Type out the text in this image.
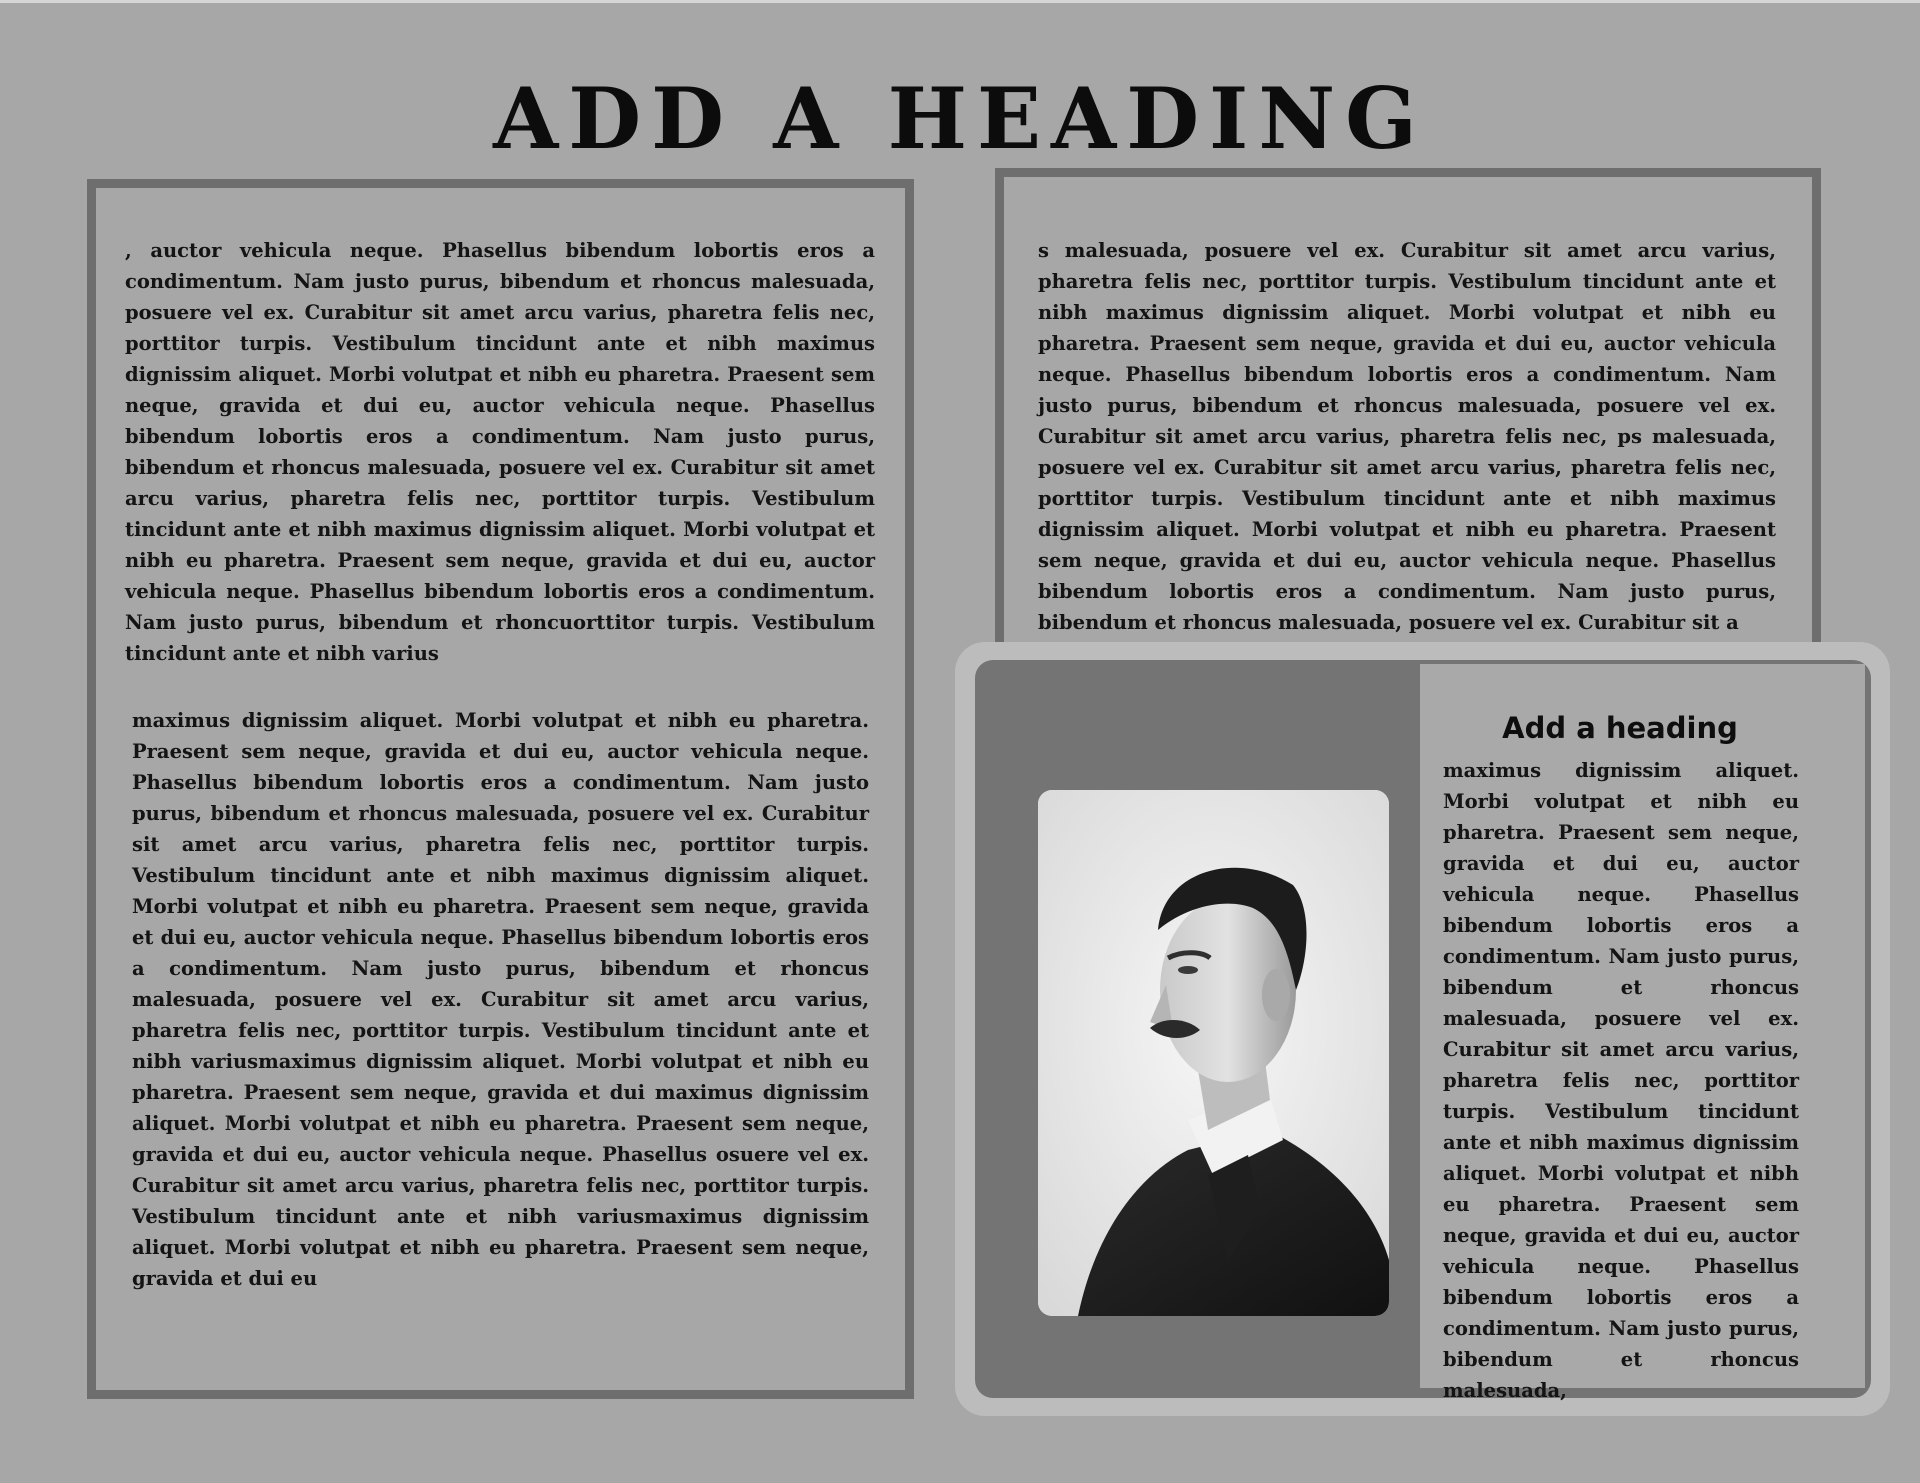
ADD A HEADING

, auctor vehicula neque. Phasellus bibendum lobortis eros a condimentum. Nam justo purus, bibendum et rhoncus malesuada, posuere vel ex. Curabitur sit amet arcu varius, pharetra felis nec, porttitor turpis. Vestibulum tincidunt ante et nibh maximus dignissim aliquet. Morbi volutpat et nibh eu pharetra. Praesent sem neque, gravida et dui eu, auctor vehicula neque. Phasellus bibendum lobortis eros a condimentum. Nam justo purus, bibendum et rhoncus malesuada, posuere vel ex. Curabitur sit amet arcu varius, pharetra felis nec, porttitor turpis. Vestibulum tincidunt ante et nibh maximus dignissim aliquet. Morbi volutpat et nibh eu pharetra. Praesent sem neque, gravida et dui eu, auctor vehicula neque. Phasellus bibendum lobortis eros a condimentum. Nam justo purus, bibendum et rhoncuorttitor turpis. Vestibulum tincidunt ante et nibh varius

s malesuada, posuere vel ex. Curabitur sit amet arcu varius, pharetra felis nec, porttitor turpis. Vestibulum tincidunt ante et nibh maximus dignissim aliquet. Morbi volutpat et nibh eu pharetra. Praesent sem neque, gravida et dui eu, auctor vehicula neque. Phasellus bibendum lobortis eros a condimentum. Nam justo purus, bibendum et rhoncus malesuada, posuere vel ex. Curabitur sit amet arcu varius, pharetra felis nec, ps malesuada, posuere vel ex. Curabitur sit amet arcu varius, pharetra felis nec, porttitor turpis. Vestibulum tincidunt ante et nibh maximus dignissim aliquet. Morbi volutpat et nibh eu pharetra. Praesent sem neque, gravida et dui eu, auctor vehicula neque. Phasellus bibendum lobortis eros a condimentum. Nam justo purus, bibendum et rhoncus malesuada, posuere vel ex. Curabitur sit a

maximus dignissim aliquet. Morbi volutpat et nibh eu pharetra. Praesent sem neque, gravida et dui eu, auctor vehicula neque. Phasellus bibendum lobortis eros a condimentum. Nam justo purus, bibendum et rhoncus malesuada, posuere vel ex. Curabitur sit amet arcu varius, pharetra felis nec, porttitor turpis. Vestibulum tincidunt ante et nibh maximus dignissim aliquet. Morbi volutpat et nibh eu pharetra. Praesent sem neque, gravida et dui eu, auctor vehicula neque. Phasellus bibendum lobortis eros a condimentum. Nam justo purus, bibendum et rhoncus malesuada, posuere vel ex. Curabitur sit amet arcu varius, pharetra felis nec, porttitor turpis. Vestibulum tincidunt ante et nibh variusmaximus dignissim aliquet. Morbi volutpat et nibh eu pharetra. Praesent sem neque, gravida et dui maximus dignissim aliquet. Morbi volutpat et nibh eu pharetra. Praesent sem neque, gravida et dui eu, auctor vehicula neque. Phasellus osuere vel ex. Curabitur sit amet arcu varius, pharetra felis nec, porttitor turpis. Vestibulum tincidunt ante et nibh variusmaximus dignissim aliquet. Morbi volutpat et nibh eu pharetra. Praesent sem neque, gravida et dui eu

Add a heading

maximus dignissim aliquet. Morbi volutpat et nibh eu pharetra. Praesent sem neque, gravida et dui eu, auctor vehicula neque. Phasellus bibendum lobortis eros a condimentum. Nam justo purus, bibendum et rhoncus malesuada, posuere vel ex. Curabitur sit amet arcu varius, pharetra felis nec, porttitor turpis. Vestibulum tincidunt ante et nibh maximus dignissim aliquet. Morbi volutpat et nibh eu pharetra. Praesent sem neque, gravida et dui eu, auctor vehicula neque. Phasellus bibendum lobortis eros a condimentum. Nam justo purus, bibendum et rhoncus malesuada,
